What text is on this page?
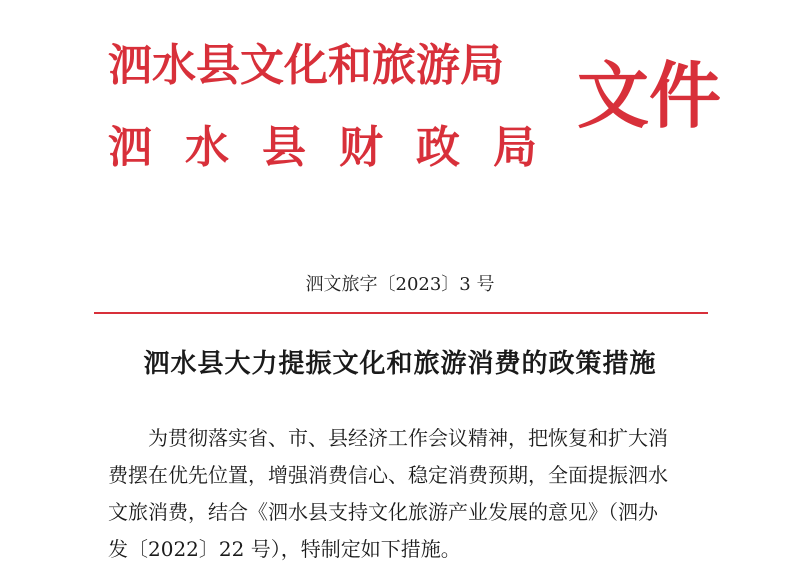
泗水县文化和旅游局
泗水县财政局
文件
泗文旅字〔2023〕3 号
泗水县大力提振文化和旅游消费的政策措施
为贯彻落实省、市、县经济工作会议精神，把恢复和扩大消
费摆在优先位置，增强消费信心、稳定消费预期，全面提振泗水
文旅消费，结合《泗水县支持文化旅游产业发展的意见》（泗办
发〔2022〕22 号），特制定如下措施。
